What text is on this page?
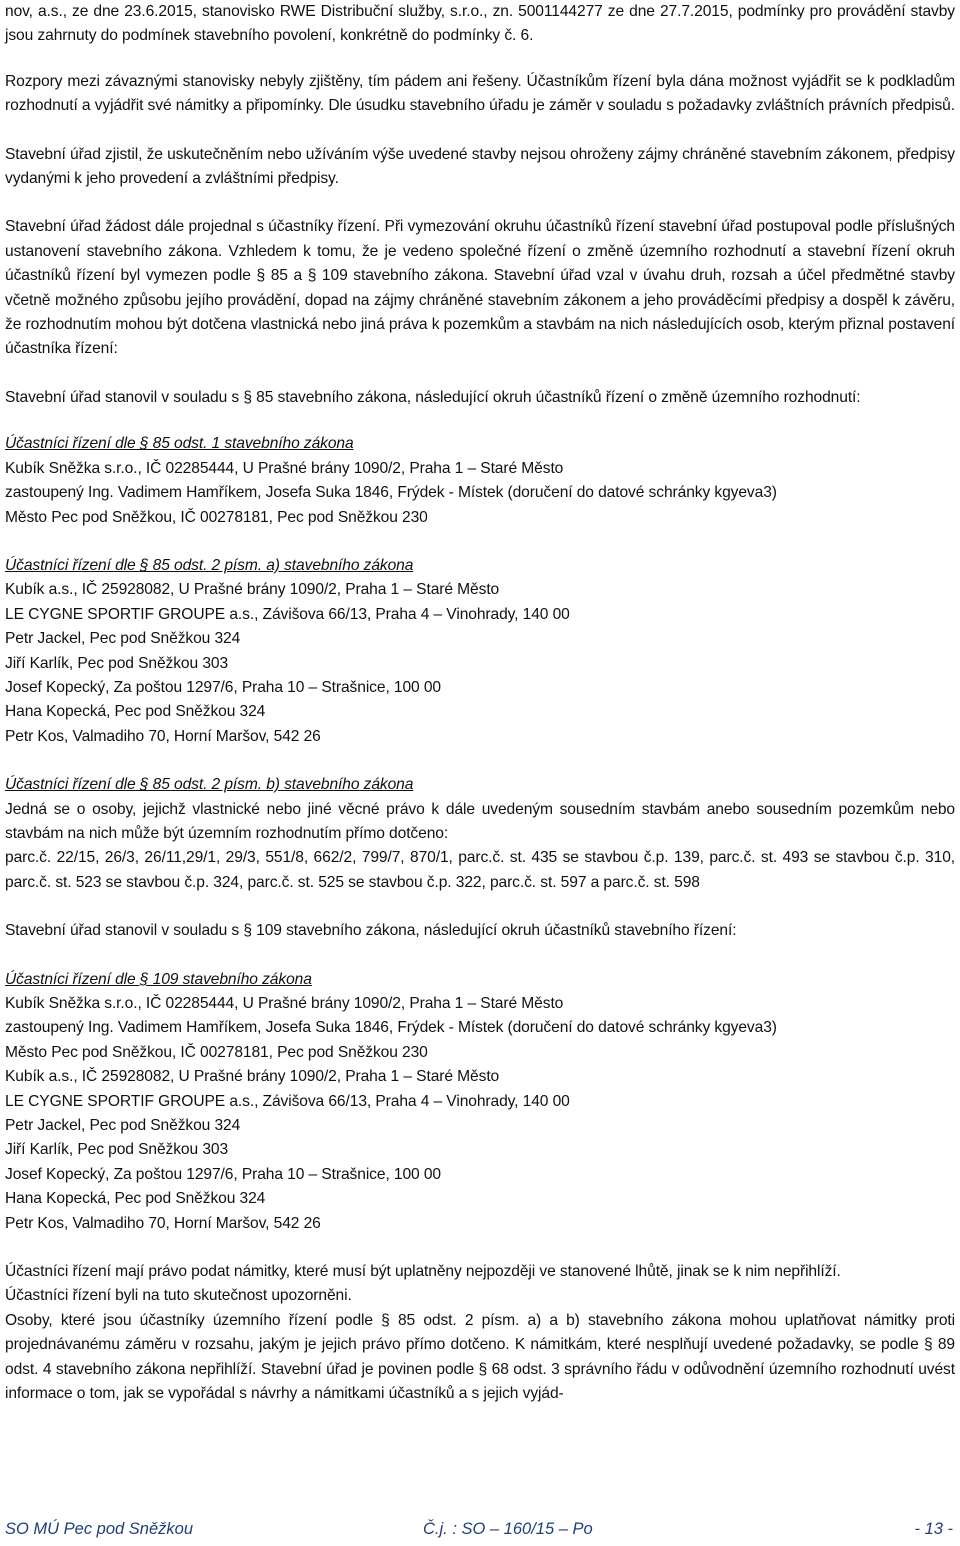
nov, a.s., ze dne 23.6.2015, stanovisko RWE Distribuční služby, s.r.o., zn. 5001144277 ze dne 27.7.2015, podmínky pro provádění stavby jsou zahrnuty do podmínek stavebního povolení, konkrétně do podmínky č. 6.

Rozpory mezi závaznými stanovisky nebyly zjištěny, tím pádem ani řešeny. Účastníkům řízení byla dána možnost vyjádřit se k podkladům rozhodnutí a vyjádřit své námitky a připomínky. Dle úsudku stavebního úřadu je záměr v souladu s požadavky zvláštních právních předpisů.

Stavební úřad zjistil, že uskutečněním nebo užíváním výše uvedené stavby nejsou ohroženy zájmy chráněné stavebním zákonem, předpisy vydanými k jeho provedení a zvláštními předpisy.

Stavební úřad žádost dále projednal s účastníky řízení. Při vymezování okruhu účastníků řízení stavební úřad postupoval podle příslušných ustanovení stavebního zákona. Vzhledem k tomu, že je vedeno společné řízení o změně územního rozhodnutí a stavební řízení okruh účastníků řízení byl vymezen podle § 85 a § 109 stavebního zákona. Stavební úřad vzal v úvahu druh, rozsah a účel předmětné stavby včetně možného způsobu jejího provádění, dopad na zájmy chráněné stavebním zákonem a jeho prováděcími předpisy a dospěl k závěru, že rozhodnutím mohou být dotčena vlastnická nebo jiná práva k pozemkům a stavbám na nich následujících osob, kterým přiznal postavení účastníka řízení:

Stavební úřad stanovil v souladu s § 85 stavebního zákona, následující okruh účastníků řízení o změně územního rozhodnutí:

Účastníci řízení dle § 85 odst. 1 stavebního zákona
Kubík Sněžka s.r.o., IČ 02285444, U Prašné brány 1090/2, Praha 1 – Staré Město
zastoupený Ing. Vadimem Hamříkem, Josefa Suka 1846, Frýdek - Místek (doručení do datové schránky kgyeva3)
Město Pec pod Sněžkou, IČ 00278181, Pec pod Sněžkou 230
Účastníci řízení dle § 85 odst. 2 písm. a) stavebního zákona
Kubík a.s., IČ 25928082, U Prašné brány 1090/2, Praha 1 – Staré Město
LE CYGNE SPORTIF GROUPE a.s., Závišova 66/13, Praha 4 – Vinohrady, 140 00
Petr Jackel, Pec pod Sněžkou 324
Jiří Karlík, Pec pod Sněžkou 303
Josef Kopecký, Za poštou 1297/6, Praha 10 – Strašnice, 100 00
Hana Kopecká, Pec pod Sněžkou 324
Petr Kos, Valmadiho 70, Horní Maršov, 542 26
Účastníci řízení dle § 85 odst. 2 písm. b) stavebního zákona

Jedná se o osoby, jejichž vlastnické nebo jiné věcné právo k dále uvedeným sousedním stavbám anebo sousedním pozemkům nebo stavbám na nich může být územním rozhodnutím přímo dotčeno:

parc.č. 22/15, 26/3, 26/11,29/1, 29/3, 551/8, 662/2, 799/7, 870/1, parc.č. st. 435 se stavbou č.p. 139, parc.č. st. 493 se stavbou č.p. 310, parc.č. st. 523 se stavbou č.p. 324, parc.č. st. 525 se stavbou č.p. 322, parc.č. st. 597 a parc.č. st. 598

Stavební úřad stanovil v souladu s § 109 stavebního zákona, následující okruh účastníků stavebního řízení:

Účastníci řízení dle § 109 stavebního zákona
Kubík Sněžka s.r.o., IČ 02285444, U Prašné brány 1090/2, Praha 1 – Staré Město
zastoupený Ing. Vadimem Hamříkem, Josefa Suka 1846, Frýdek - Místek (doručení do datové schránky kgyeva3)
Město Pec pod Sněžkou, IČ 00278181, Pec pod Sněžkou 230
Kubík a.s., IČ 25928082, U Prašné brány 1090/2, Praha 1 – Staré Město
LE CYGNE SPORTIF GROUPE a.s., Závišova 66/13, Praha 4 – Vinohrady, 140 00
Petr Jackel, Pec pod Sněžkou 324
Jiří Karlík, Pec pod Sněžkou 303
Josef Kopecký, Za poštou 1297/6, Praha 10 – Strašnice, 100 00
Hana Kopecká, Pec pod Sněžkou 324
Petr Kos, Valmadiho 70, Horní Maršov, 542 26
Účastníci řízení mají právo podat námitky, které musí být uplatněny nejpozději ve stanovené lhůtě, jinak se k nim nepřihlíží.
Účastníci řízení byli na tuto skutečnost upozorněni.

Osoby, které jsou účastníky územního řízení podle § 85 odst. 2 písm. a) a b) stavebního zákona mohou uplatňovat námitky proti projednávanému záměru v rozsahu, jakým je jejich právo přímo dotčeno. K námitkám, které nesplňují uvedené požadavky, se podle § 89 odst. 4 stavebního zákona nepřihlíží. Stavební úřad je povinen podle § 68 odst. 3 správního řádu v odůvodnění územního rozhodnutí uvést informace o tom, jak se vypořádal s návrhy a námitkami účastníků a s jejich vyjád-

SO MÚ Pec pod Sněžkou	Č.j. : SO – 160/15 – Po	- 13 -
